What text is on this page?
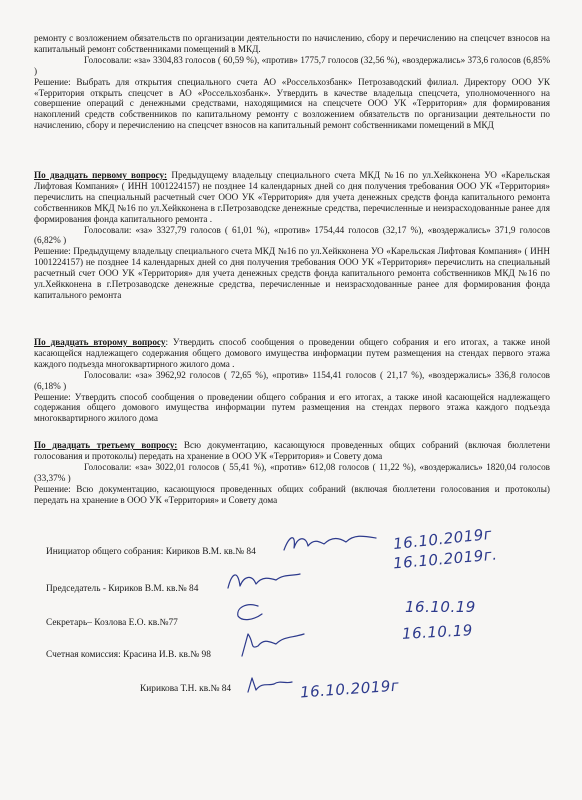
ремонту с возложением обязательств по организации деятельности по начислению, сбору и перечислению на спецсчет взносов на капитальный ремонт собственниками помещений в МКД.

Голосовали: «за» 3304,83 голосов ( 60,59 %), «против» 1775,7 голосов (32,56 %), «воздержались» 373,6 голосов (6,85% )

Решение: Выбрать для открытия специального счета АО «Россельхозбанк» Петрозаводский филиал. Директору ООО УК «Территория открыть спецсчет в АО «Россельхозбанк». Утвердить в качестве владельца спецсчета, уполномоченного на совершение операций с денежными средствами, находящимися на спецсчете ООО УК «Территория» для формирования накоплений средств собственников по капитальному ремонту с возложением обязательств по организации деятельности по начислению, сбору и перечислению на спецсчет взносов на капитальный ремонт собственниками помещений в МКД

По двадцать первому вопросу: Предыдущему владельцу специального счета МКД №16 по ул.Хейкконена УО «Карельская Лифтовая Компания» ( ИНН 1001224157) не позднее 14 календарных дней со дня получения требования ООО УК «Территория» перечислить на специальный расчетный счет ООО УК «Территория» для учета денежных средств фонда капитального ремонта собственников МКД №16 по ул.Хейкконена в г.Петрозаводске денежные средства, перечисленные и неизрасходованные ранее для формирования фонда капитального ремонта .

Голосовали: «за» 3327,79 голосов ( 61,01 %), «против» 1754,44 голосов (32,17 %), «воздержались» 371,9 голосов (6,82% )

Решение: Предыдущему владельцу специального счета МКД №16 по ул.Хейкконена УО «Карельская Лифтовая Компания» ( ИНН 1001224157) не позднее 14 календарных дней со дня получения требования ООО УК «Территория» перечислить на специальный расчетный счет ООО УК «Территория» для учета денежных средств фонда капитального ремонта собственников МКД №16 по ул.Хейкконена в г.Петрозаводске денежные средства, перечисленные и неизрасходованные ранее для формирования фонда капитального ремонта

По двадцать второму вопросу: Утвердить способ сообщения о проведении общего собрания и его итогах, а также иной касающейся надлежащего содержания общего домового имущества информации путем размещения на стендах первого этажа каждого подъезда многоквартирного жилого дома .

Голосовали: «за» 3962,92 голосов ( 72,65 %), «против» 1154,41 голосов ( 21,17 %), «воздержались» 336,8 голосов (6,18% )

Решение: Утвердить способ сообщения о проведении общего собрания и его итогах, а также иной касающейся надлежащего содержания общего домового имущества информации путем размещения на стендах первого этажа каждого подъезда многоквартирного жилого дома

По двадцать третьему вопросу: Всю документацию, касающуюся проведенных общих собраний (включая бюллетени голосования и протоколы) передать на хранение в ООО УК «Территория» и Совету дома

Голосовали: «за» 3022,01 голосов ( 55,41 %), «против» 612,08 голосов ( 11,22 %), «воздержались» 1820,04 голосов (33,37% )

Решение: Всю документацию, касающуюся проведенных общих собраний (включая бюллетени голосования и протоколы) передать на хранение в ООО УК «Территория» и Совету дома

Инициатор общего собрания: Кириков В.М. кв.№ 84
Председатель - Кириков В.М. кв.№ 84
Секретарь– Козлова Е.О. кв.№77
Счетная комиссия: Красина И.В. кв.№ 98
Кирикова Т.Н. кв.№ 84
16.10.2019г
16.10.2019г.
16.10.19
16.10.19
16.10.2019г
